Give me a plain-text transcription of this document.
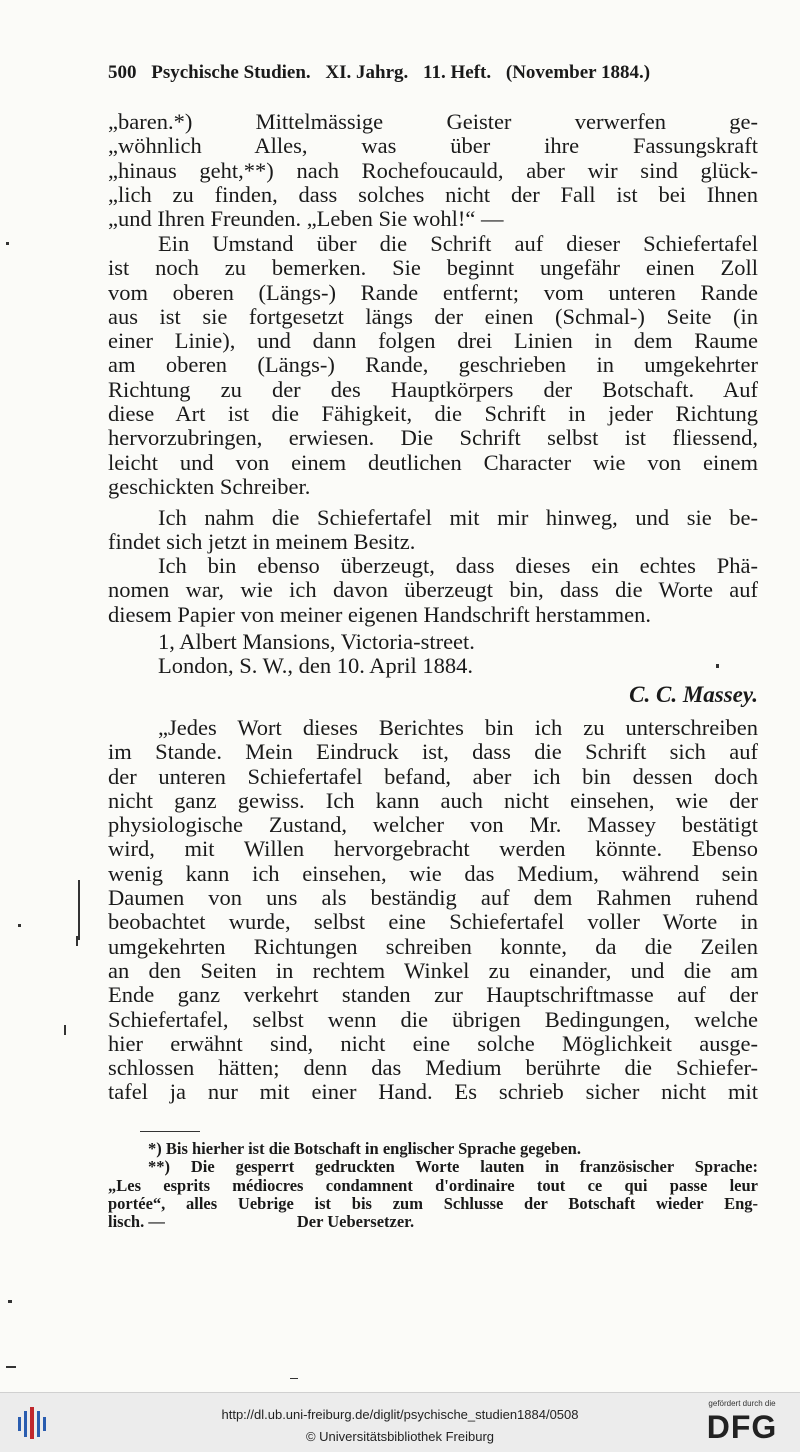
500 Psychische Studien. XI. Jahrg. 11. Heft. (November 1884.)
„baren.*) Mittelmässige Geister verwerfen ge-
„wöhnlich Alles, was über ihre Fassungskraft
„hinaus geht,**) nach Rochefoucauld, aber wir sind glück-
„lich zu finden, dass solches nicht der Fall ist bei Ihnen
„und Ihren Freunden. „Leben Sie wohl!“ —
Ein Umstand über die Schrift auf dieser Schiefertafel
ist noch zu bemerken. Sie beginnt ungefähr einen Zoll
vom oberen (Längs-) Rande entfernt; vom unteren Rande
aus ist sie fortgesetzt längs der einen (Schmal-) Seite (in
einer Linie), und dann folgen drei Linien in dem Raume
am oberen (Längs-) Rande, geschrieben in umgekehrter
Richtung zu der des Hauptkörpers der Botschaft. Auf
diese Art ist die Fähigkeit, die Schrift in jeder Richtung
hervorzubringen, erwiesen. Die Schrift selbst ist fliessend,
leicht und von einem deutlichen Character wie von einem
geschickten Schreiber.
Ich nahm die Schiefertafel mit mir hinweg, und sie be-
findet sich jetzt in meinem Besitz.
Ich bin ebenso überzeugt, dass dieses ein echtes Phä-
nomen war, wie ich davon überzeugt bin, dass die Worte auf
diesem Papier von meiner eigenen Handschrift herstammen.
1, Albert Mansions, Victoria-street.
London, S. W., den 10. April 1884.
C. C. Massey.
„Jedes Wort dieses Berichtes bin ich zu unterschreiben
im Stande. Mein Eindruck ist, dass die Schrift sich auf
der unteren Schiefertafel befand, aber ich bin dessen doch
nicht ganz gewiss. Ich kann auch nicht einsehen, wie der
physiologische Zustand, welcher von Mr. Massey bestätigt
wird, mit Willen hervorgebracht werden könnte. Ebenso
wenig kann ich einsehen, wie das Medium, während sein
Daumen von uns als beständig auf dem Rahmen ruhend
beobachtet wurde, selbst eine Schiefertafel voller Worte in
umgekehrten Richtungen schreiben konnte, da die Zeilen
an den Seiten in rechtem Winkel zu einander, und die am
Ende ganz verkehrt standen zur Hauptschriftmasse auf der
Schiefertafel, selbst wenn die übrigen Bedingungen, welche
hier erwähnt sind, nicht eine solche Möglichkeit ausge-
schlossen hätten; denn das Medium berührte die Schiefer-
tafel ja nur mit einer Hand. Es schrieb sicher nicht mit
*) Bis hierher ist die Botschaft in englischer Sprache gegeben.
**) Die gesperrt gedruckten Worte lauten in französischer Sprache:
„Les esprits médiocres condamnent d'ordinaire tout ce qui passe leur
portée“, alles Uebrige ist bis zum Schlusse der Botschaft wieder Eng-
lisch. —                                Der Uebersetzer.
http://dl.ub.uni-freiburg.de/diglit/psychische_studien1884/0508
© Universitätsbibliothek Freiburg
gefördert durch die
DFG
